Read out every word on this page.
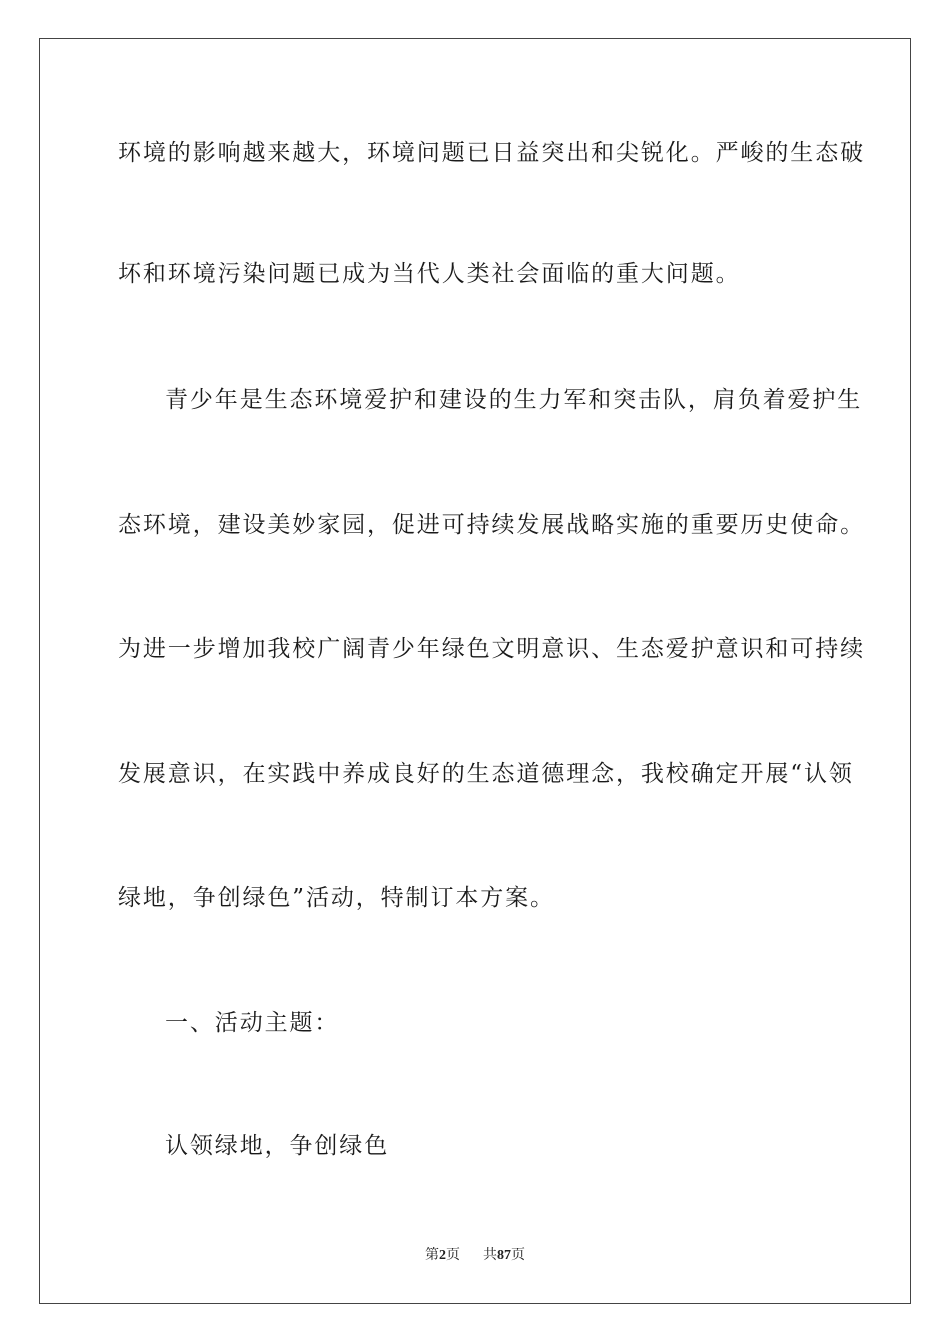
环境的影响越来越大，环境问题已日益突出和尖锐化。严峻的生态破
坏和环境污染问题已成为当代人类社会面临的重大问题。
青少年是生态环境爱护和建设的生力军和突击队，肩负着爱护生
态环境，建设美妙家园，促进可持续发展战略实施的重要历史使命。
为进一步增加我校广阔青少年绿色文明意识、生态爱护意识和可持续
发展意识，在实践中养成良好的生态道德理念，我校确定开展“认领
绿地，争创绿色”活动，特制订本方案。
一、活动主题：
认领绿地，争创绿色
第2页 共87页
